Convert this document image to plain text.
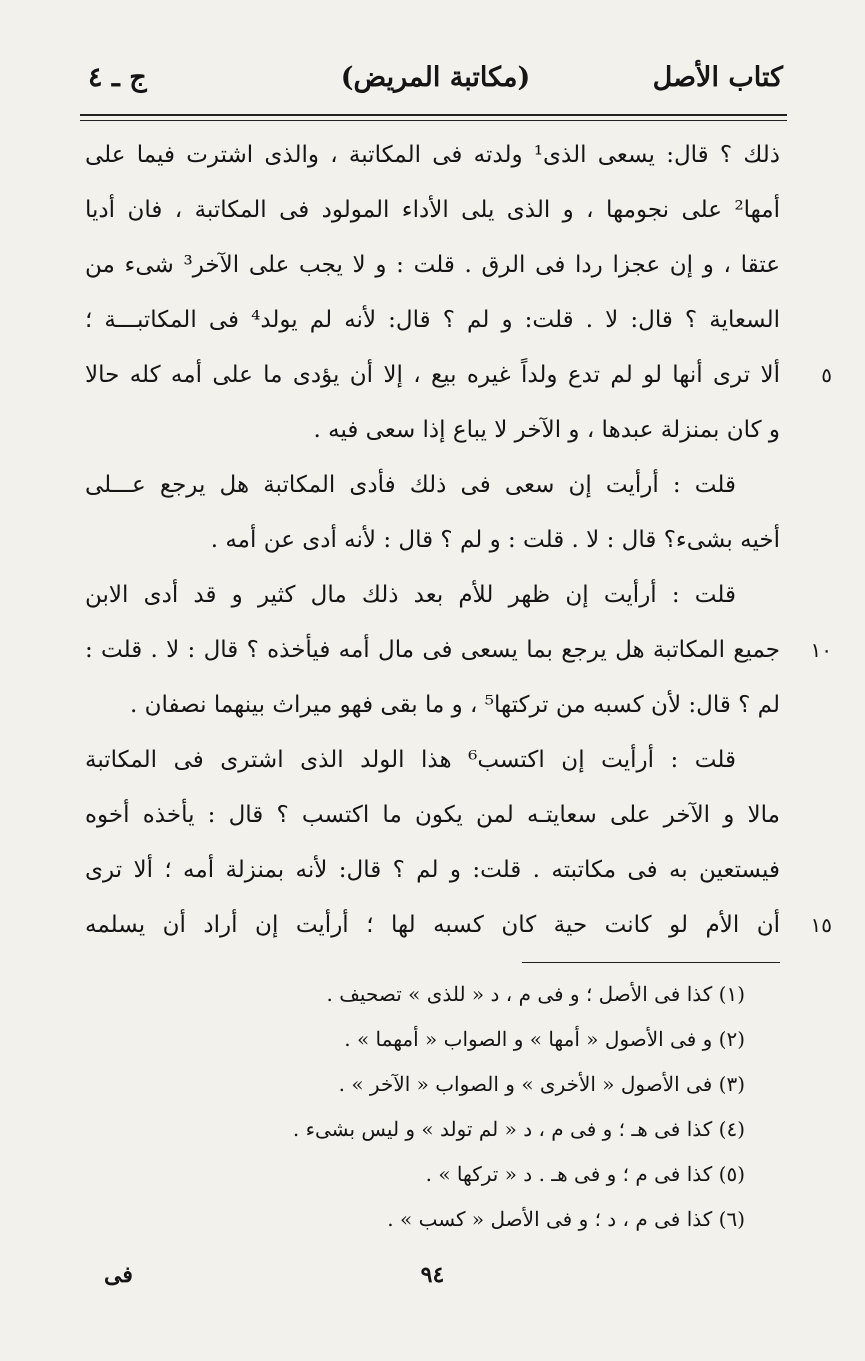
كتاب الأصل
(مكاتبة المريض)
ج ـ ٤
ذلك ؟ قال: يسعى الذى¹ ولدته فى المكاتبة ، والذى اشترت فيما على
أمها² على نجومها ، و الذى يلى الأداء المولود فى المكاتبة ، فان أديا
عتقا ، و إن عجزا ردا فى الرق . قلت : و لا يجب على الآخر³ شىء من
السعاية ؟ قال: لا . قلت: و لم ؟ قال: لأنه لم يولد⁴ فى المكاتبـــة ؛
ألا ترى أنها لو لم تدع ولداً غيره بيع ، إلا أن يؤدى ما على أمه كله حالا ٥
و كان بمنزلة عبدها ، و الآخر لا يباع إذا سعى فيه .
قلت : أرأيت إن سعى فى ذلك فأدى المكاتبة هل يرجع عـــلى
أخيه بشىء؟ قال : لا . قلت : و لم ؟ قال : لأنه أدى عن أمه .
قلت : أرأيت إن ظهر للأم بعد ذلك مال كثير و قد أدى الابن
جميع المكاتبة هل يرجع بما يسعى فى مال أمه فيأخذه ؟ قال : لا . قلت : ١٠
لم ؟ قال: لأن كسبه من تركتها⁵ ، و ما بقى فهو ميراث بينهما نصفان .
قلت : أرأيت إن اكتسب⁶ هذا الولد الذى اشترى فى المكاتبة
مالا و الآخر على سعايتـه لمن يكون ما اكتسب ؟ قال : يأخذه أخوه
فيستعين به فى مكاتبته . قلت: و لم ؟ قال: لأنه بمنزلة أمه ؛ ألا ترى
أن الأم لو كانت حية كان كسبه لها ؛ أرأيت إن أراد أن يسلمه ١٥
(١) كذا فى الأصل ؛ و فى م ، د « للذى » تصحيف .
(٢) و فى الأصول « أمها » و الصواب « أمهما » .
(٣) فى الأصول « الأخرى » و الصواب « الآخر » .
(٤) كذا فى هـ ؛ و فى م ، د « لم تولد » و ليس بشىء .
(٥) كذا فى م ؛ و فى هـ . د « تركها » .
(٦) كذا فى م ، د ؛ و فى الأصل « كسب » .
٩٤
فى
